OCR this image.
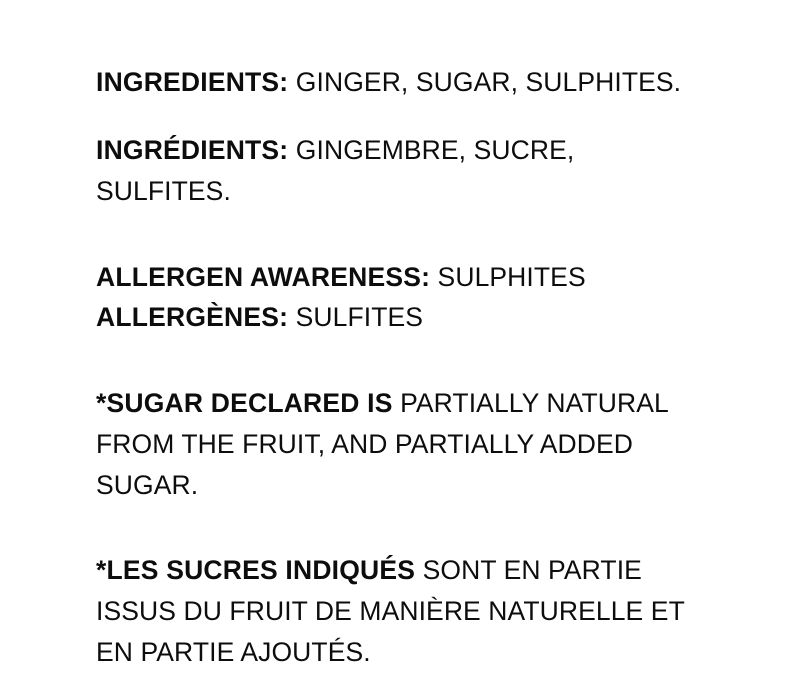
INGREDIENTS: GINGER, SUGAR, SULPHITES.
INGRÉDIENTS: GINGEMBRE, SUCRE, SULFITES.
ALLERGEN AWARENESS: SULPHITES
ALLERGÈNES: SULFITES
*SUGAR DECLARED IS PARTIALLY NATURAL FROM THE FRUIT, AND PARTIALLY ADDED SUGAR.
*LES SUCRES INDIQUÉS SONT EN PARTIE ISSUS DU FRUIT DE MANIÈRE NATURELLE ET EN PARTIE AJOUTÉS.
